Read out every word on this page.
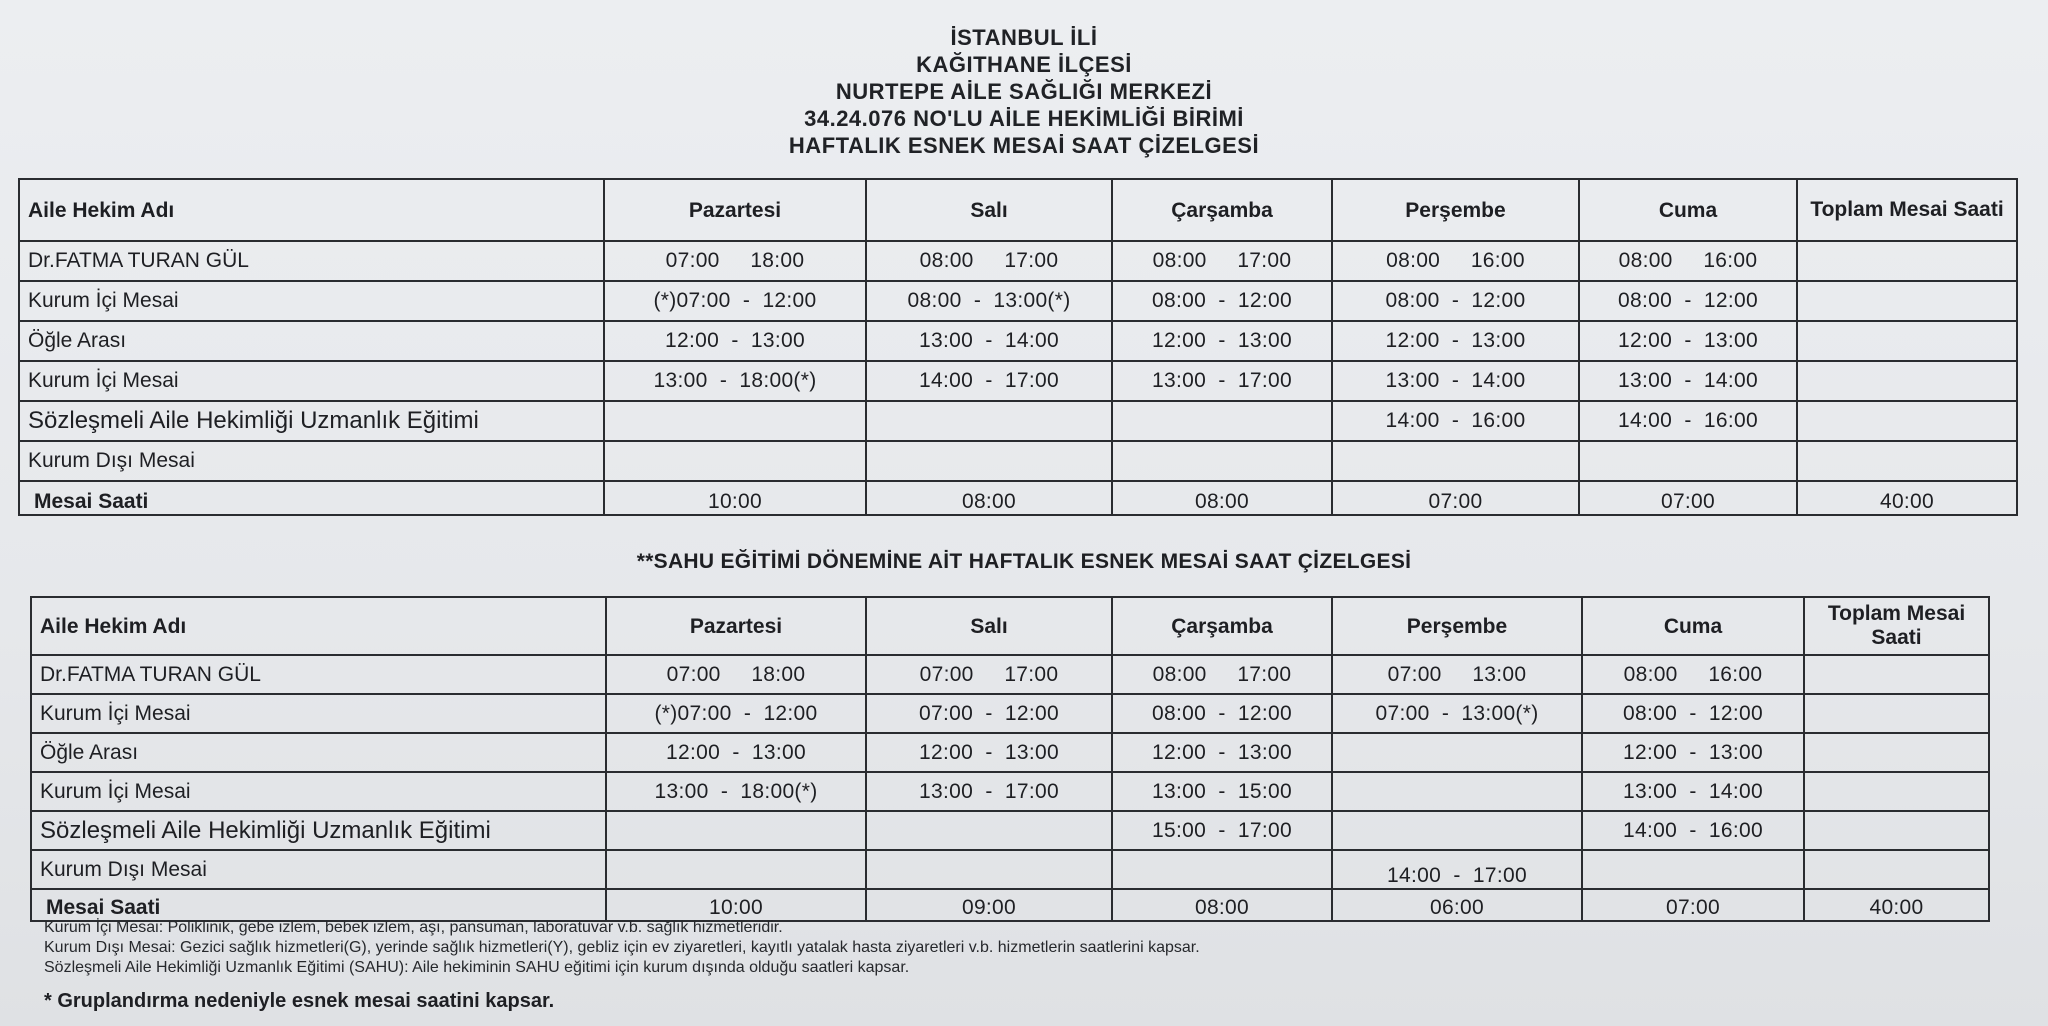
İSTANBUL İLİ
KAĞITHANE İLÇESİ
NURTEPE AİLE SAĞLIĞI MERKEZİ
34.24.076 NO'LU AİLE HEKİMLİĞİ BİRİMİ
HAFTALIK ESNEK MESAİ SAAT ÇİZELGESİ
Aile Hekim Adı	Pazartesi	Salı	Çarşamba	Perşembe	Cuma	Toplam Mesai Saati
Dr.FATMA TURAN GÜL	07:00     18:00	08:00     17:00	08:00     17:00	08:00     16:00	08:00     16:00	
Kurum İçi Mesai	(*)07:00  -  12:00	08:00  -  13:00(*)	08:00  -  12:00	08:00  -  12:00	08:00  -  12:00	
Öğle Arası	12:00  -  13:00	13:00  -  14:00	12:00  -  13:00	12:00  -  13:00	12:00  -  13:00	
Kurum İçi Mesai	13:00  -  18:00(*)	14:00  -  17:00	13:00  -  17:00	13:00  -  14:00	13:00  -  14:00	
Sözleşmeli Aile Hekimliği Uzmanlık Eğitimi				14:00  -  16:00	14:00  -  16:00	
Kurum Dışı Mesai						
Mesai Saati	10:00	08:00	08:00	07:00	07:00	40:00
**SAHU EĞİTİMİ DÖNEMİNE AİT HAFTALIK ESNEK MESAİ SAAT ÇİZELGESİ
Aile Hekim Adı	Pazartesi	Salı	Çarşamba	Perşembe	Cuma	Toplam Mesai Saati
Dr.FATMA TURAN GÜL	07:00     18:00	07:00     17:00	08:00     17:00	07:00     13:00	08:00     16:00	
Kurum İçi Mesai	(*)07:00  -  12:00	07:00  -  12:00	08:00  -  12:00	07:00  -  13:00(*)	08:00  -  12:00	
Öğle Arası	12:00  -  13:00	12:00  -  13:00	12:00  -  13:00		12:00  -  13:00	
Kurum İçi Mesai	13:00  -  18:00(*)	13:00  -  17:00	13:00  -  15:00		13:00  -  14:00	
Sözleşmeli Aile Hekimliği Uzmanlık Eğitimi			15:00  -  17:00		14:00  -  16:00	
Kurum Dışı Mesai				14:00  -  17:00		
Mesai Saati	10:00	09:00	08:00	06:00	07:00	40:00
Kurum İçi Mesai: Poliklinik, gebe izlem, bebek izlem, aşı, pansuman, laboratuvar v.b. sağlık hizmetleridir.
Kurum Dışı Mesai: Gezici sağlık hizmetleri(G), yerinde sağlık hizmetleri(Y), gebliz için ev ziyaretleri, kayıtlı yatalak hasta ziyaretleri v.b. hizmetlerin saatlerini kapsar.
Sözleşmeli Aile Hekimliği Uzmanlık Eğitimi (SAHU): Aile hekiminin SAHU eğitimi için kurum dışında olduğu saatleri kapsar.
* Gruplandırma nedeniyle esnek mesai saatini kapsar.
